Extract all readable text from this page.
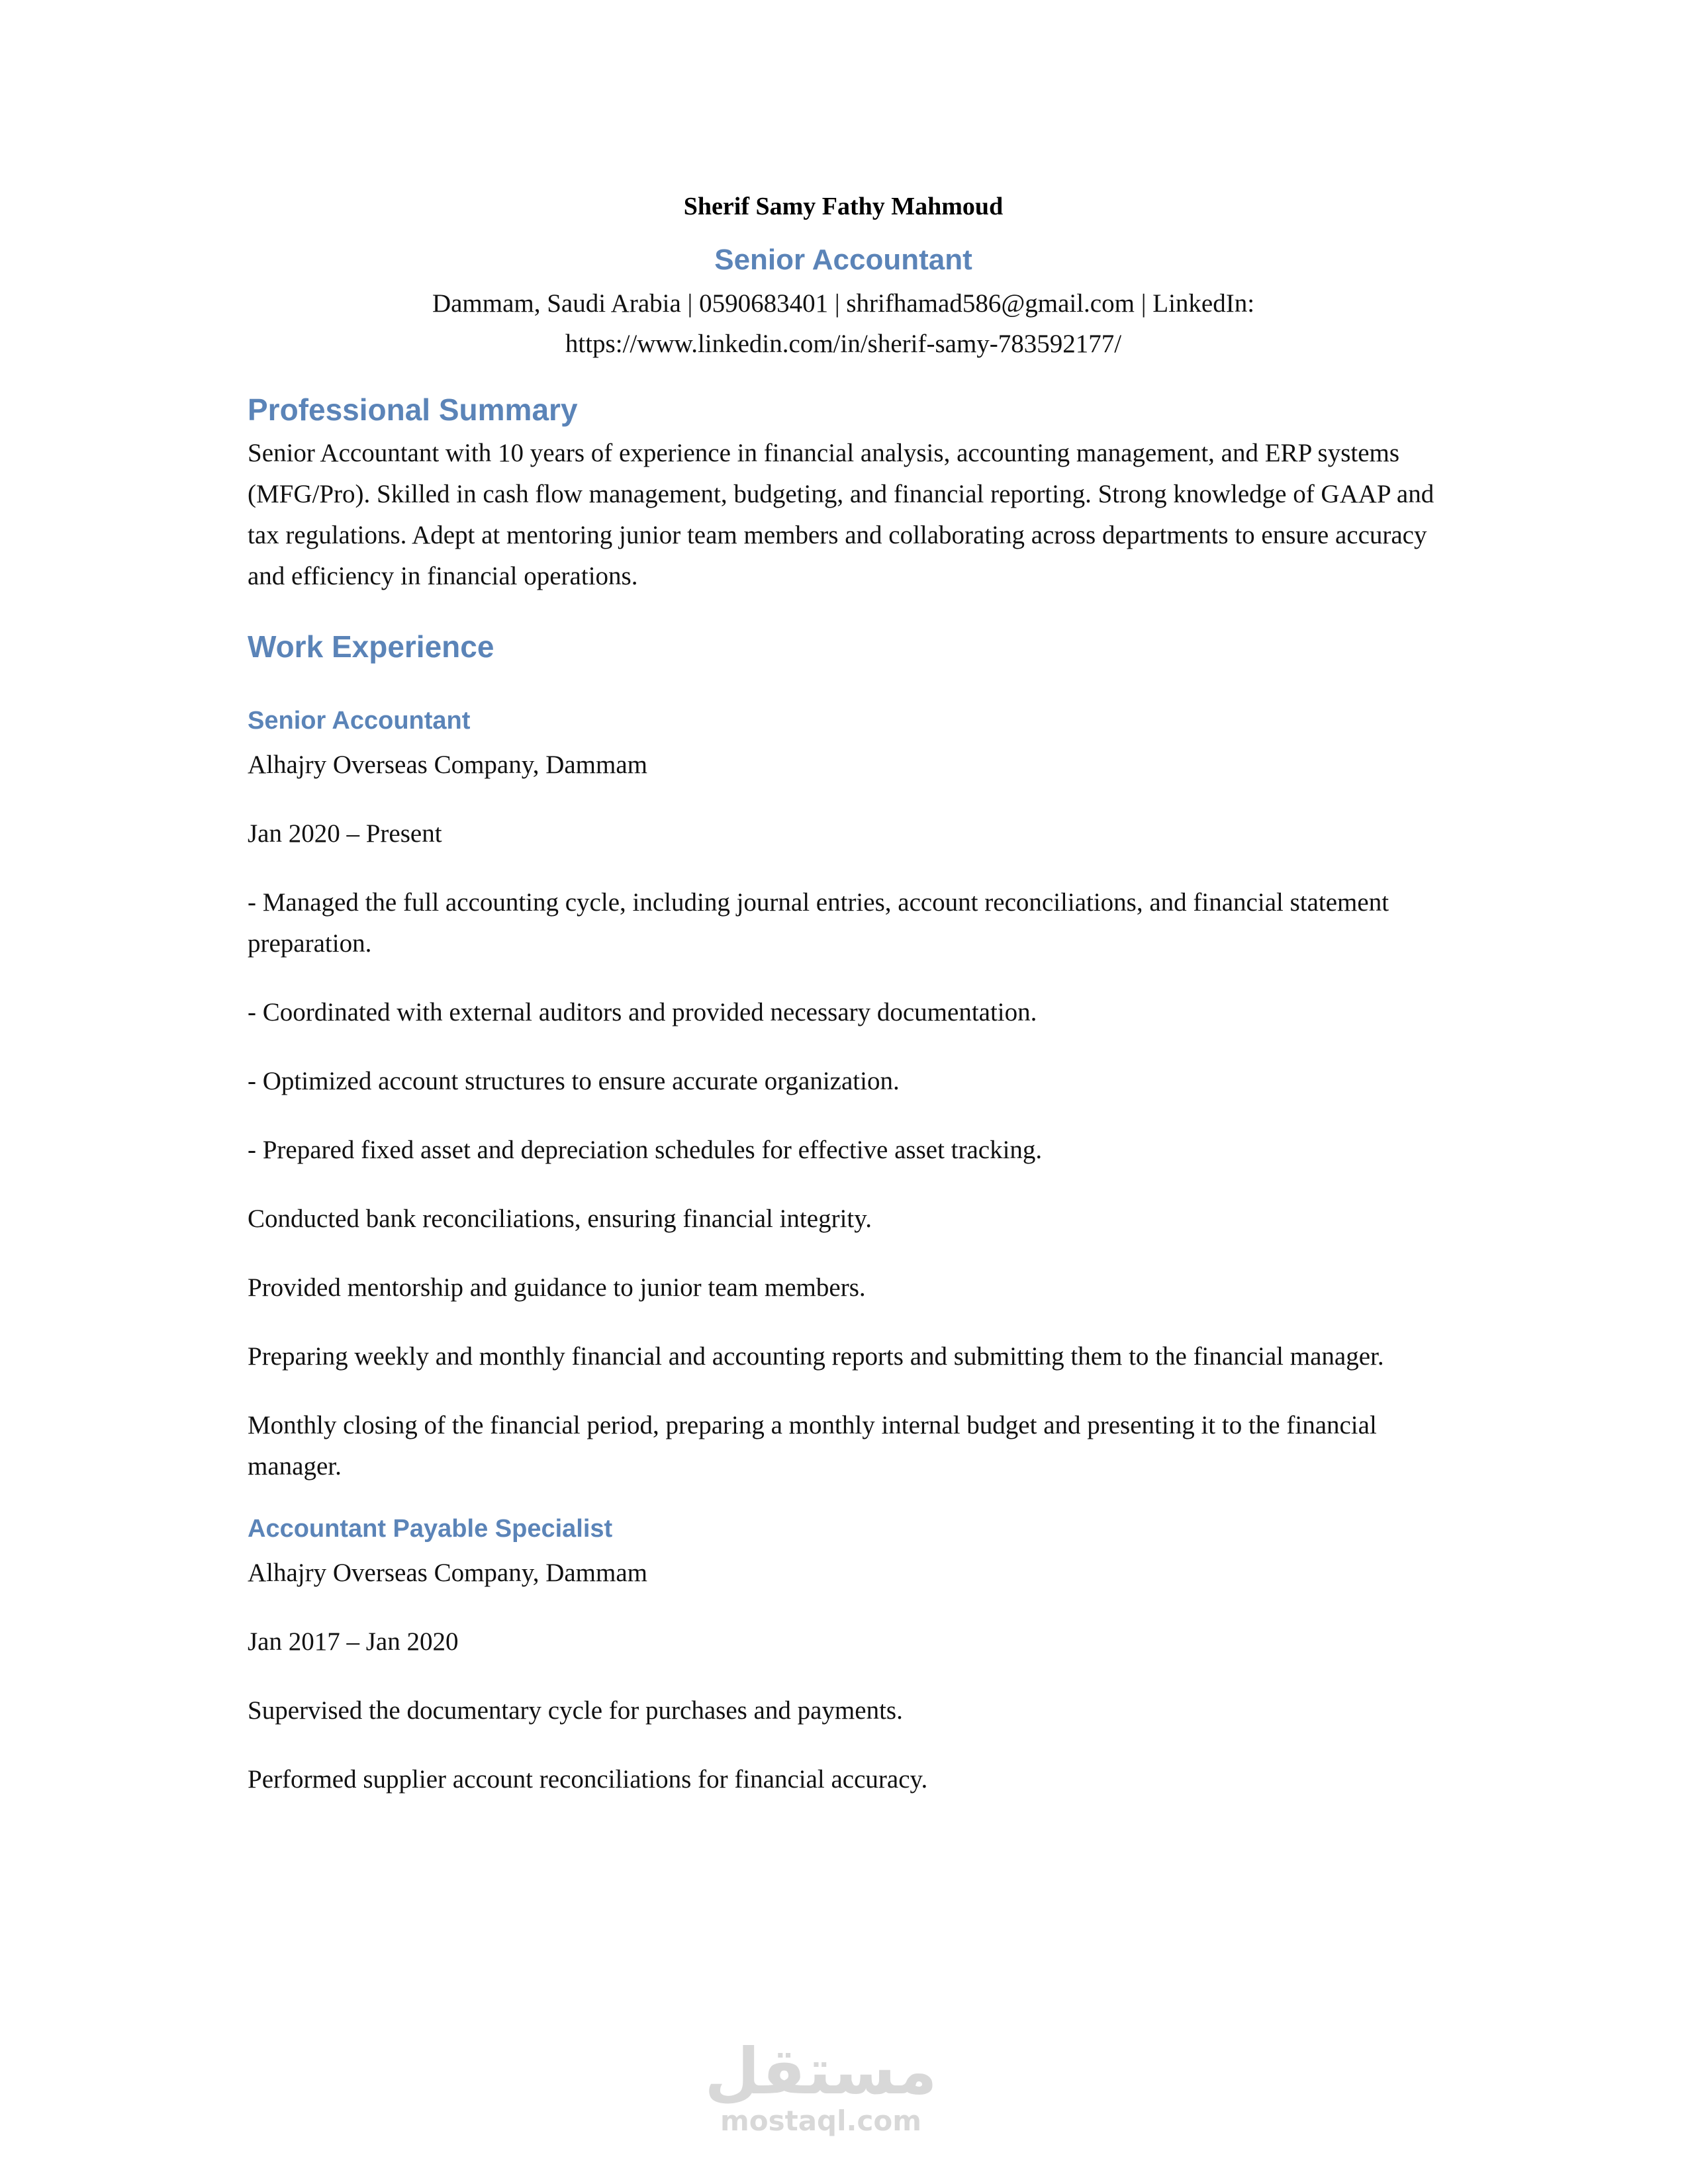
Sherif Samy Fathy Mahmoud
Senior Accountant
Dammam, Saudi Arabia | 0590683401 | shrifhamad586@gmail.com | LinkedIn:
https://www.linkedin.com/in/sherif-samy-783592177/
Professional Summary
Senior Accountant with 10 years of experience in financial analysis, accounting management, and ERP systems (MFG/Pro). Skilled in cash flow management, budgeting, and financial reporting. Strong knowledge of GAAP and tax regulations. Adept at mentoring junior team members and collaborating across departments to ensure accuracy and efficiency in financial operations.
Work Experience
Senior Accountant
Alhajry Overseas Company, Dammam
Jan 2020 – Present
- Managed the full accounting cycle, including journal entries, account reconciliations, and financial statement preparation.
- Coordinated with external auditors and provided necessary documentation.
- Optimized account structures to ensure accurate organization.
- Prepared fixed asset and depreciation schedules for effective asset tracking.
Conducted bank reconciliations, ensuring financial integrity.
Provided mentorship and guidance to junior team members.
Preparing weekly and monthly financial and accounting reports and submitting them to the financial manager.
Monthly closing of the financial period, preparing a monthly internal budget and presenting it to the financial manager.
Accountant Payable Specialist
Alhajry Overseas Company, Dammam
Jan 2017 – Jan 2020
Supervised the documentary cycle for purchases and payments.
Performed supplier account reconciliations for financial accuracy.
مستقل
mostaql.com
